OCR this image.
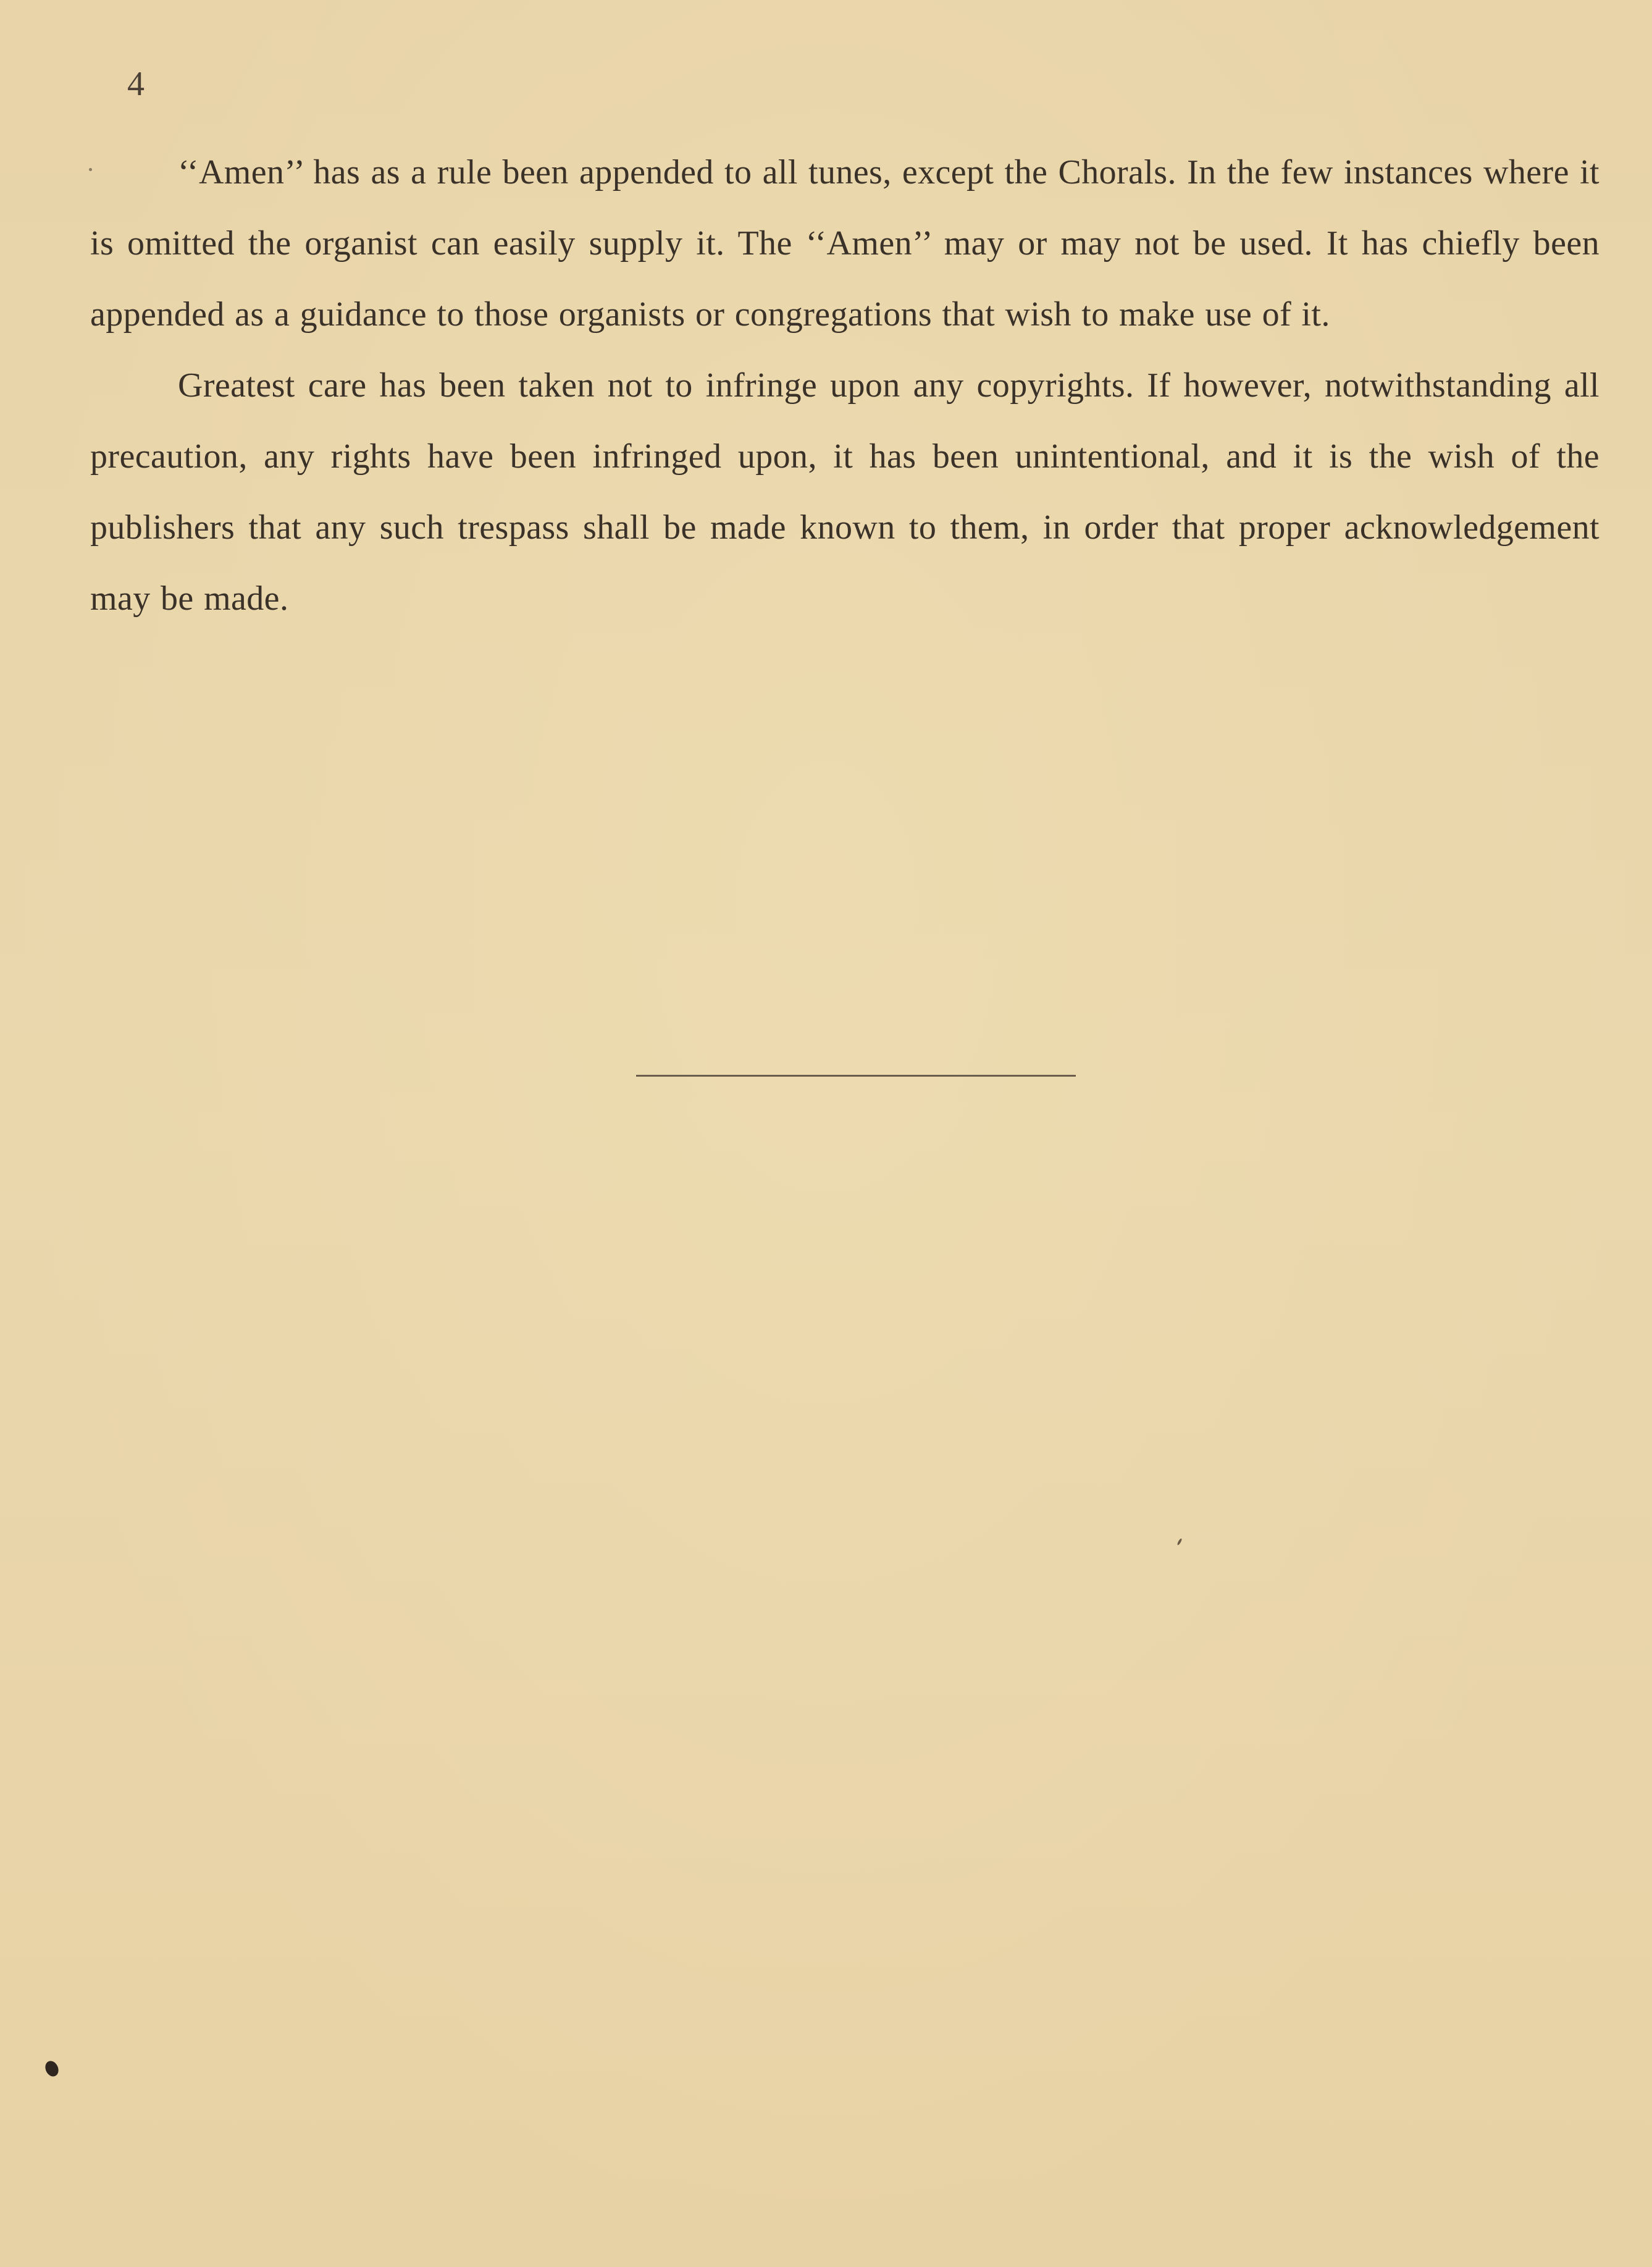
4

‘‘Amen’’ has as a rule been appended to all tunes, except the Chorals. In the few instances where it is omitted the organist can easily supply it. The ‘‘Amen’’ may or may not be used. It has chiefly been appended as a guidance to those organists or congregations that wish to make use of it.

Greatest care has been taken not to infringe upon any copyrights. If however, notwithstanding all precaution, any rights have been infringed upon, it has been unintentional, and it is the wish of the publishers that any such trespass shall be made known to them, in order that proper acknowledgement may be made.
